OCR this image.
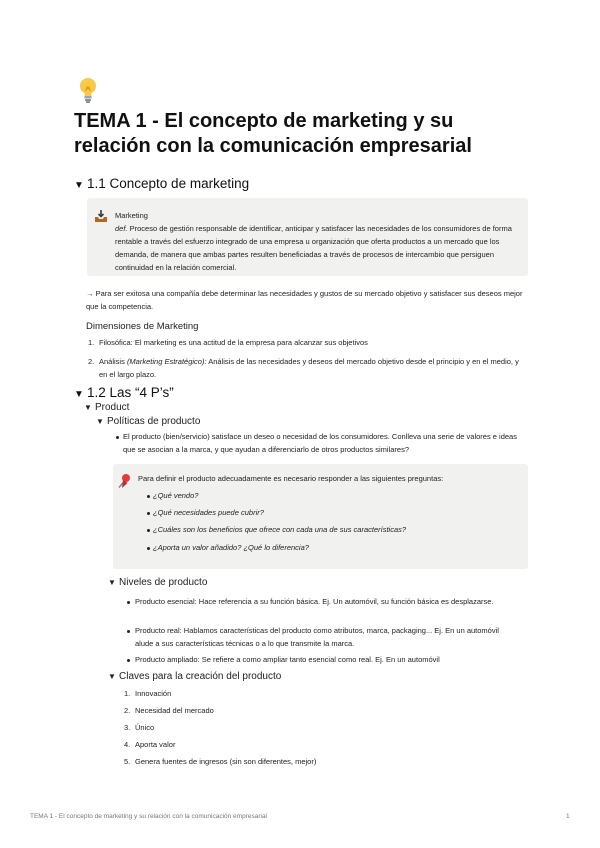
TEMA 1 - El concepto de marketing y su relación con la comunicación empresarial
▼ 1.1 Concepto de marketing
Marketing
def. Proceso de gestión responsable de identificar, anticipar y satisfacer las necesidades de los consumidores de forma rentable a través del esfuerzo integrado de una empresa u organización que oferta productos a un mercado que los demanda, de manera que ambas partes resulten beneficiadas a través de procesos de intercambio que persiguen continuidad en la relación comercial.
→ Para ser exitosa una compañía debe determinar las necesidades y gustos de su mercado objetivo y satisfacer sus deseos mejor que la competencia.
Dimensiones de Marketing
1. Filosófica: El marketing es una actitud de la empresa para alcanzar sus objetivos
2. Análisis (Marketing Estratégico): Análisis de las necesidades y deseos del mercado objetivo desde el principio y en el medio, y en el largo plazo.
▼ 1.2 Las “4 P’s”
▼ Product
▼ Políticas de producto
El producto (bien/servicio) satisface un deseo o necesidad de los consumidores. Conlleva una serie de valores e ideas que se asocian a la marca, y que ayudan a diferenciarlo de otros productos similares?
Para definir el producto adecuadamente es necesario responder a las siguientes preguntas:
¿Qué vendo?
¿Qué necesidades puede cubrir?
¿Cuáles son los beneficios que ofrece con cada una de sus características?
¿Aporta un valor añadido? ¿Qué lo diferencia?
▼ Niveles de producto
Producto esencial: Hace referencia a su función básica. Ej. Un automóvil, su función básica es desplazarse.
Producto real: Hablamos características del producto como atributos, marca, packaging... Ej. En un automóvil alude a sus características técnicas o a lo que transmite la marca.
Producto ampliado: Se refiere a como ampliar tanto esencial como real. Ej. En un automóvil
▼ Claves para la creación del producto
1. Innovación
2. Necesidad del mercado
3. Único
4. Aporta valor
5. Genera fuentes de ingresos (sin son diferentes, mejor)
TEMA 1 - El concepto de marketing y su relación con la comunicación empresarial	1
